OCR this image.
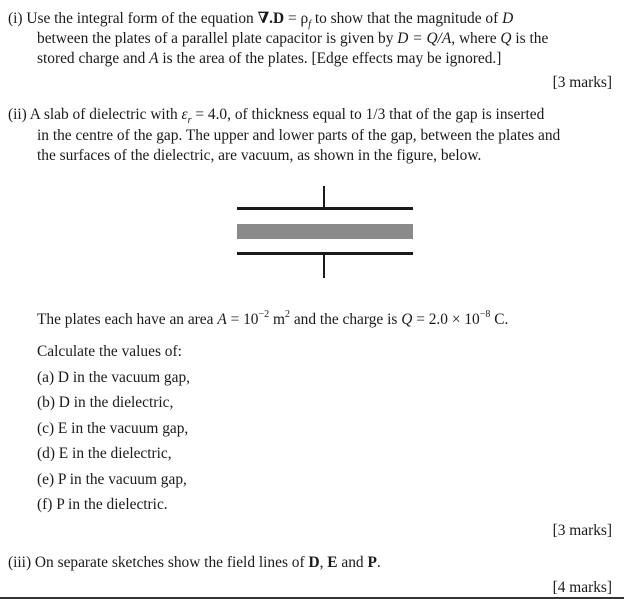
(i) Use the integral form of the equation $\nabla.D = \rho_f$ to show that the magnitude of D
between the plates of a parallel plate capacitor is given by D = Q/A, where Q is the
stored charge and A is the area of the plates. [Edge effects may be ignored.]
[3 marks]
(ii) A slab of dielectric with $\varepsilon_r = 4.0$, of thickness equal to 1/3 that of the gap is inserted
in the centre of the gap. The upper and lower parts of the gap, between the plates and
the surfaces of the dielectric, are vacuum, as shown in the figure, below.
The plates each have an area $A = 10^{-2}$ $m^2$ and the charge is $Q = 2.0 \times 10^{-8}$ C.
Calculate the values of:
(a) D in the vacuum gap,
(b) D in the dielectric,
(c) E in the vacuum gap,
(d) E in the dielectric,
(e) P in the vacuum gap,
(f) P in the dielectric.
[3 marks]
(iii) On separate sketches show the field lines of D, E and P.
[4 marks]
